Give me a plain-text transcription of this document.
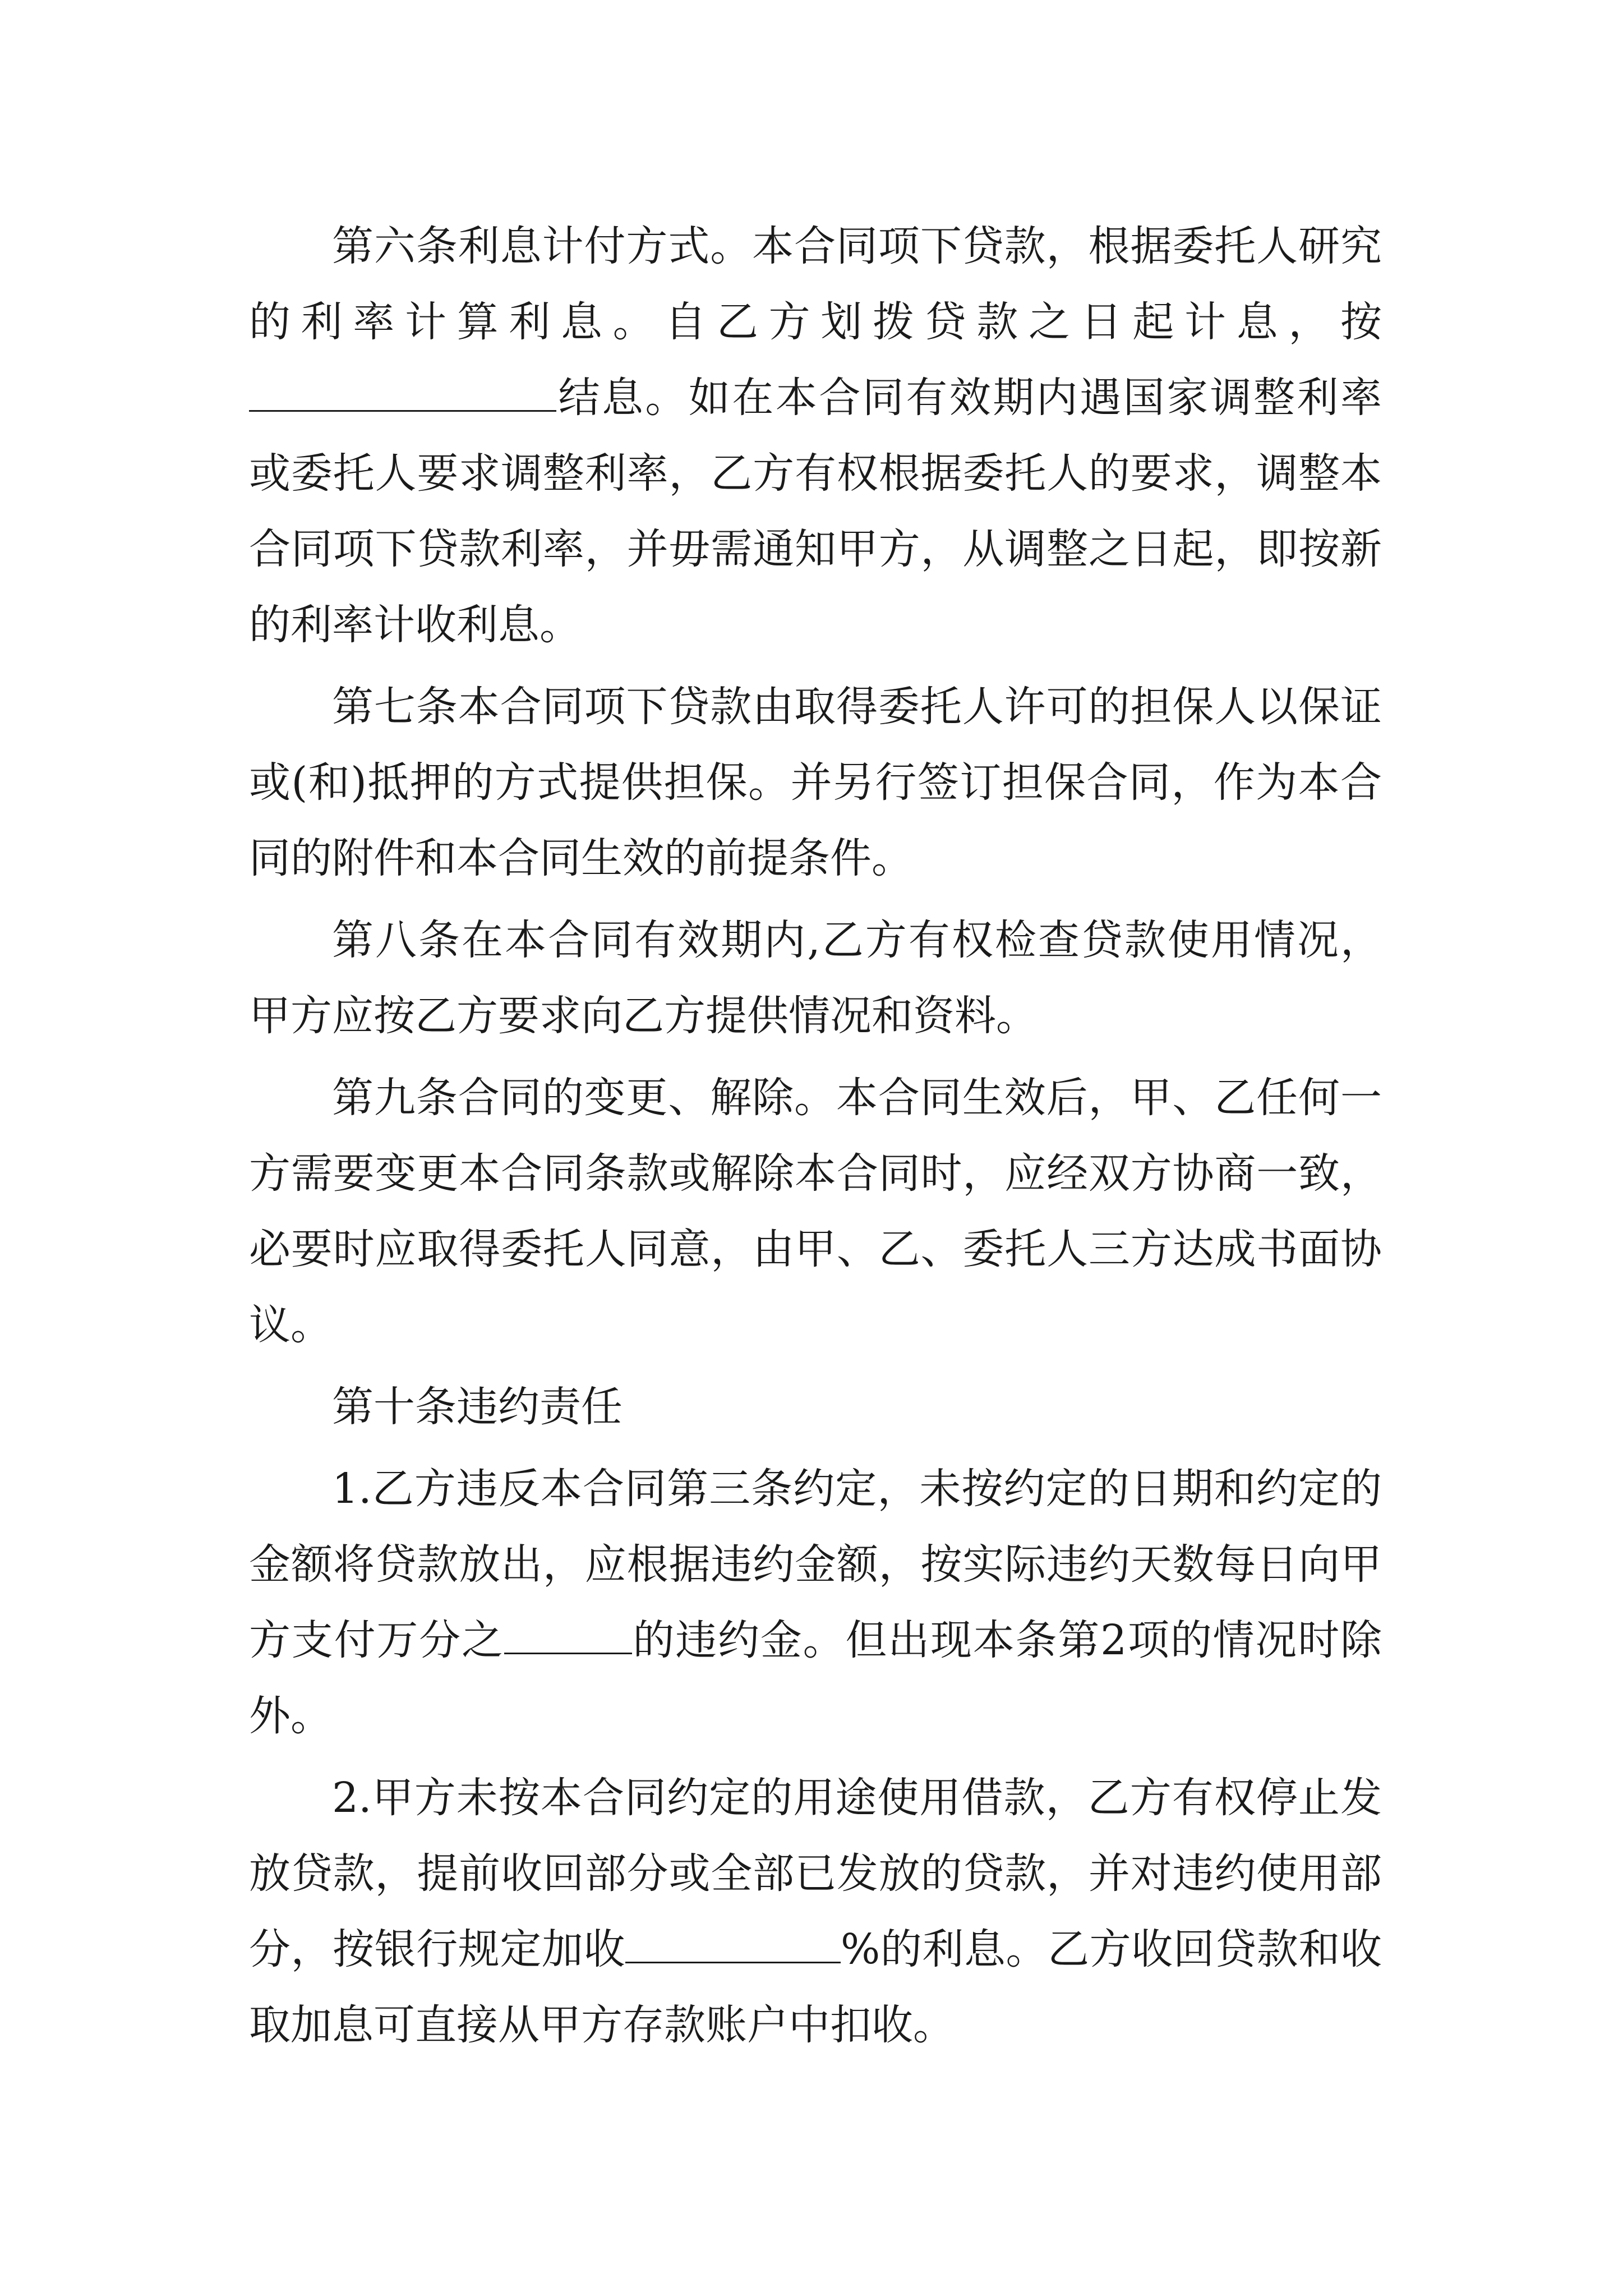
第六条利息计付方式。本合同项下贷款，根据委托人研究的利率计算利息。自乙方划拨贷款之日起计息，按结息。如在本合同有效期内遇国家调整利率或委托人要求调整利率，乙方有权根据委托人的要求，调整本合同项下贷款利率，并毋需通知甲方，从调整之日起，即按新的利率计收利息。

第七条本合同项下贷款由取得委托人许可的担保人以保证或(和)抵押的方式提供担保。并另行签订担保合同，作为本合同的附件和本合同生效的前提条件。

第八条在本合同有效期内,乙方有权检查贷款使用情况，甲方应按乙方要求向乙方提供情况和资料。

第九条合同的变更、解除。本合同生效后，甲、乙任何一方需要变更本合同条款或解除本合同时，应经双方协商一致，必要时应取得委托人同意，由甲、乙、委托人三方达成书面协议。

第十条违约责任

1.乙方违反本合同第三条约定，未按约定的日期和约定的金额将贷款放出，应根据违约金额，按实际违约天数每日向甲方支付万分之	的违约金。但出现本条第2项的情况时除外。

2.甲方未按本合同约定的用途使用借款，乙方有权停止发放贷款，提前收回部分或全部已发放的贷款，并对违约使用部分，按银行规定加收	%的利息。乙方收回贷款和收取加息可直接从甲方存款账户中扣收。
